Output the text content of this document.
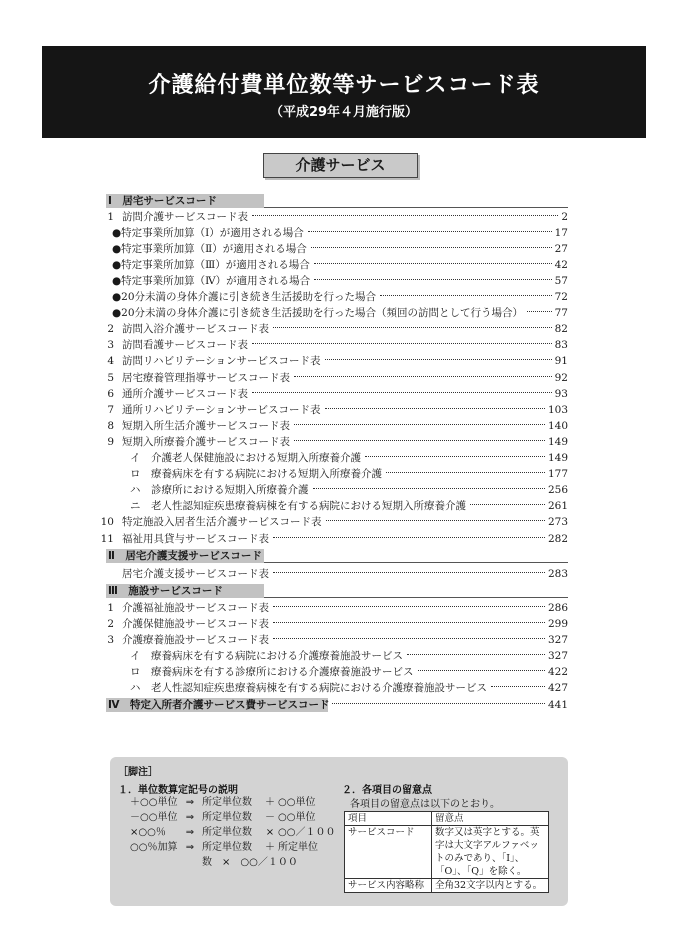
介護給付費単位数等サービスコード表
（平成29年４月施行版）
介護サービス
Ⅰ　居宅サービスコード
1 訪問介護サービスコード表	2
●特定事業所加算（Ⅰ）が適用される場合	17
●特定事業所加算（Ⅱ）が適用される場合	27
●特定事業所加算（Ⅲ）が適用される場合	42
●特定事業所加算（Ⅳ）が適用される場合	57
●20分未満の身体介護に引き続き生活援助を行った場合	72
●20分未満の身体介護に引き続き生活援助を行った場合（頻回の訪問として行う場合）	77
2 訪問入浴介護サービスコード表	82
3 訪問看護サービスコード表	83
4 訪問リハビリテーションサービスコード表	91
5 居宅療養管理指導サービスコード表	92
6 通所介護サービスコード表	93
7 通所リハビリテーションサービスコード表	103
8 短期入所生活介護サービスコード表	140
9 短期入所療養介護サービスコード表	149
イ　介護老人保健施設における短期入所療養介護	149
ロ　療養病床を有する病院における短期入所療養介護	177
ハ　診療所における短期入所療養介護	256
ニ　老人性認知症疾患療養病棟を有する病院における短期入所療養介護	261
10 特定施設入居者生活介護サービスコード表	273
11 福祉用具貸与サービスコード表	282
Ⅱ　居宅介護支援サービスコード
居宅介護支援サービスコード表	283
Ⅲ　施設サービスコード
1 介護福祉施設サービスコード表	286
2 介護保健施設サービスコード表	299
3 介護療養施設サービスコード表	327
イ　療養病床を有する病院における介護療養施設サービス	327
ロ　療養病床を有する診療所における介護療養施設サービス	422
ハ　老人性認知症疾患療養病棟を有する病院における介護療養施設サービス	427
Ⅳ　特定入所者介護サービス費サービスコード	441
［脚注］
１．単位数算定記号の説明
＋○○単位 ⇒ 所定単位数	＋ ○○単位
－○○単位 ⇒ 所定単位数	－ ○○単位
×○○％	⇒ 所定単位数	× ○○／１００
○○％加算 ⇒ 所定単位数	＋ 所定単位
数　×　○○／１００
２．各項目の留意点
各項目の留意点は以下のとおり。
項目	留意点
サービスコード	数字又は英字とする。英字は大文字アルファベットのみであり、「I」、「O」、「Q」を除く。
サービス内容略称	全角32文字以内とする。
